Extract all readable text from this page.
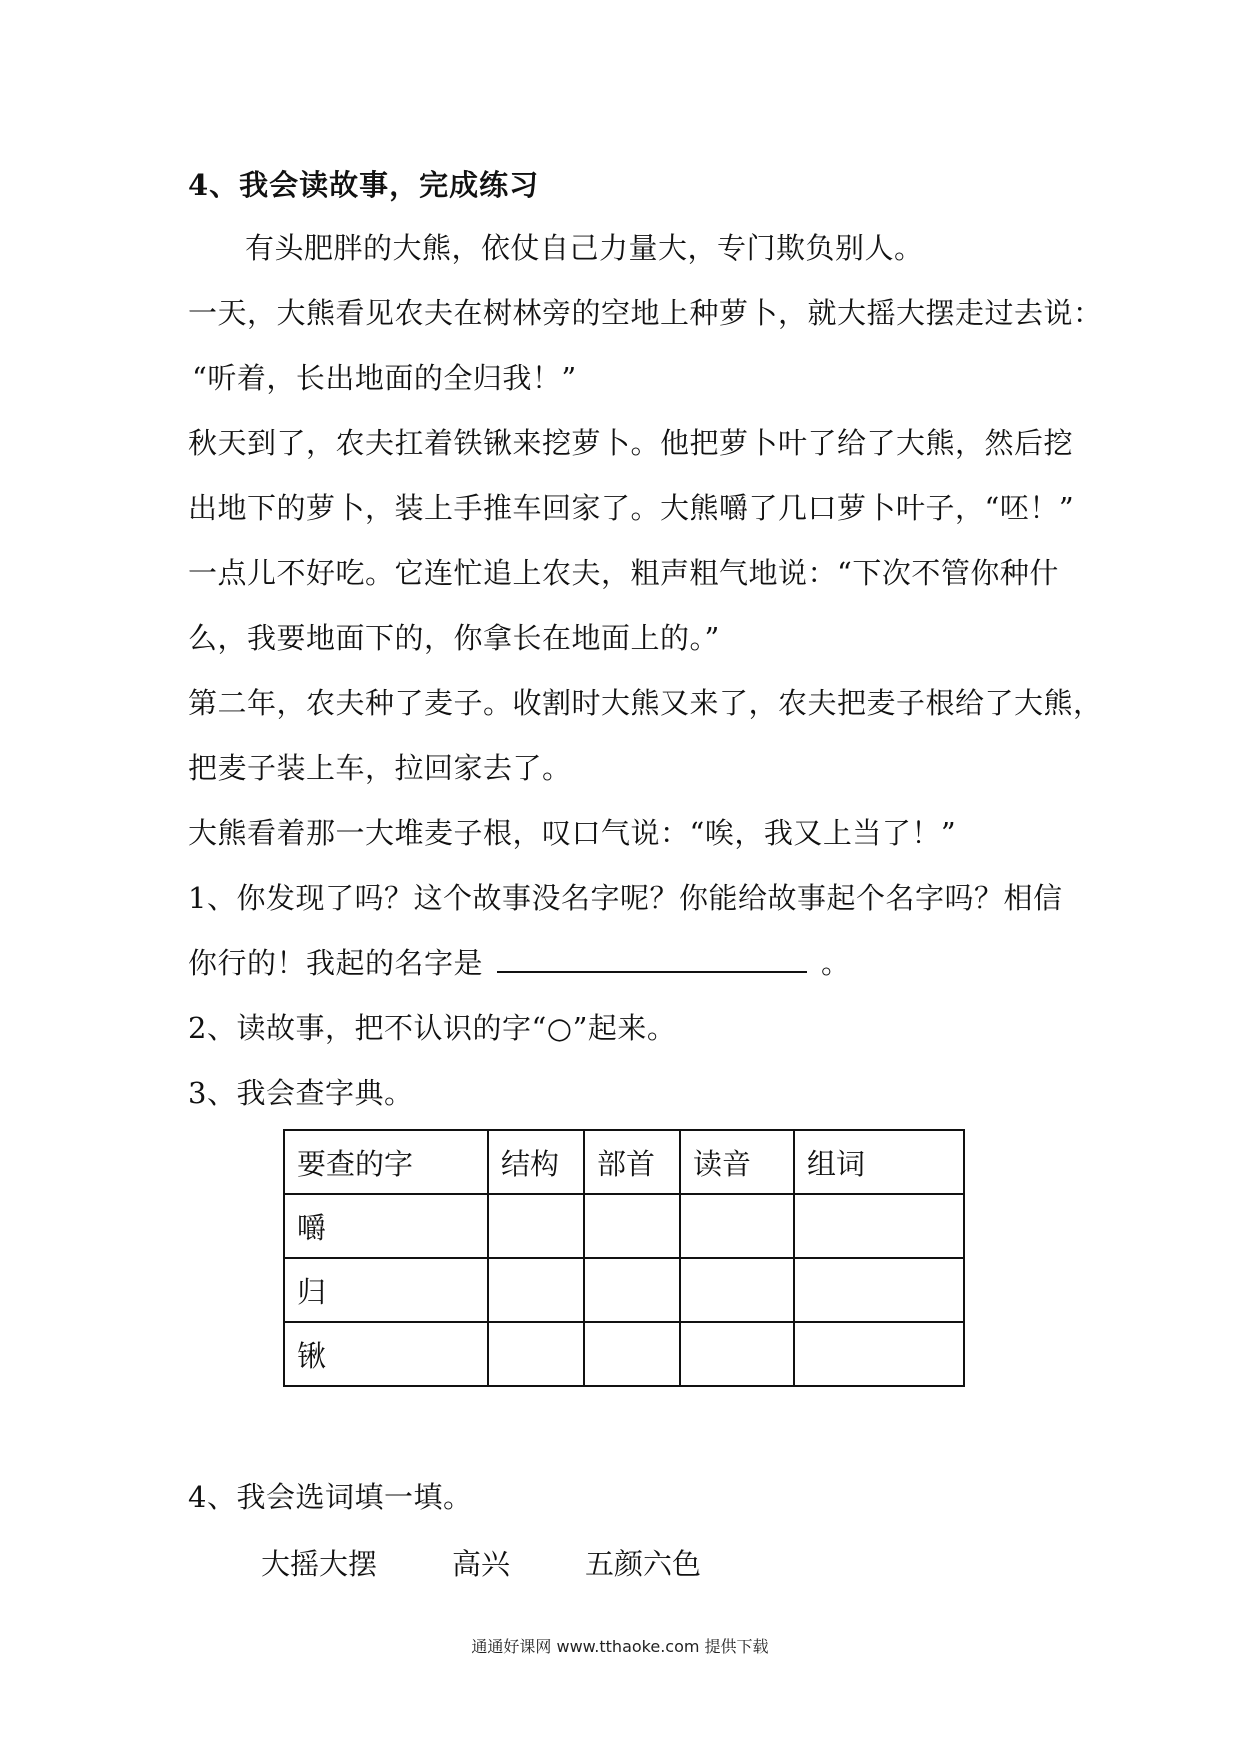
4、我会读故事，完成练习
有头肥胖的大熊，依仗自己力量大，专门欺负别人。
一天，大熊看见农夫在树林旁的空地上种萝卜，就大摇大摆走过去说：
“听着，长出地面的全归我！”
秋天到了，农夫扛着铁锹来挖萝卜。他把萝卜叶了给了大熊，然后挖
出地下的萝卜，装上手推车回家了。大熊嚼了几口萝卜叶子，“呸！”
一点儿不好吃。它连忙追上农夫，粗声粗气地说：“下次不管你种什
么，我要地面下的，你拿长在地面上的。”
第二年，农夫种了麦子。收割时大熊又来了，农夫把麦子根给了大熊，
把麦子装上车，拉回家去了。
大熊看着那一大堆麦子根，叹口气说：“唉，我又上当了！”
1、你发现了吗？这个故事没名字呢？你能给故事起个名字吗？相信
你行的！我起的名字是	。
2、读故事，把不认识的字“○”起来。
3、我会查字典。
要查的字	结构	部首	读音	组词
嚼				
归				
锹				
4、我会选词填一填。
大摇大摆	高兴	五颜六色
通通好课网 www.tthaoke.com 提供下载
